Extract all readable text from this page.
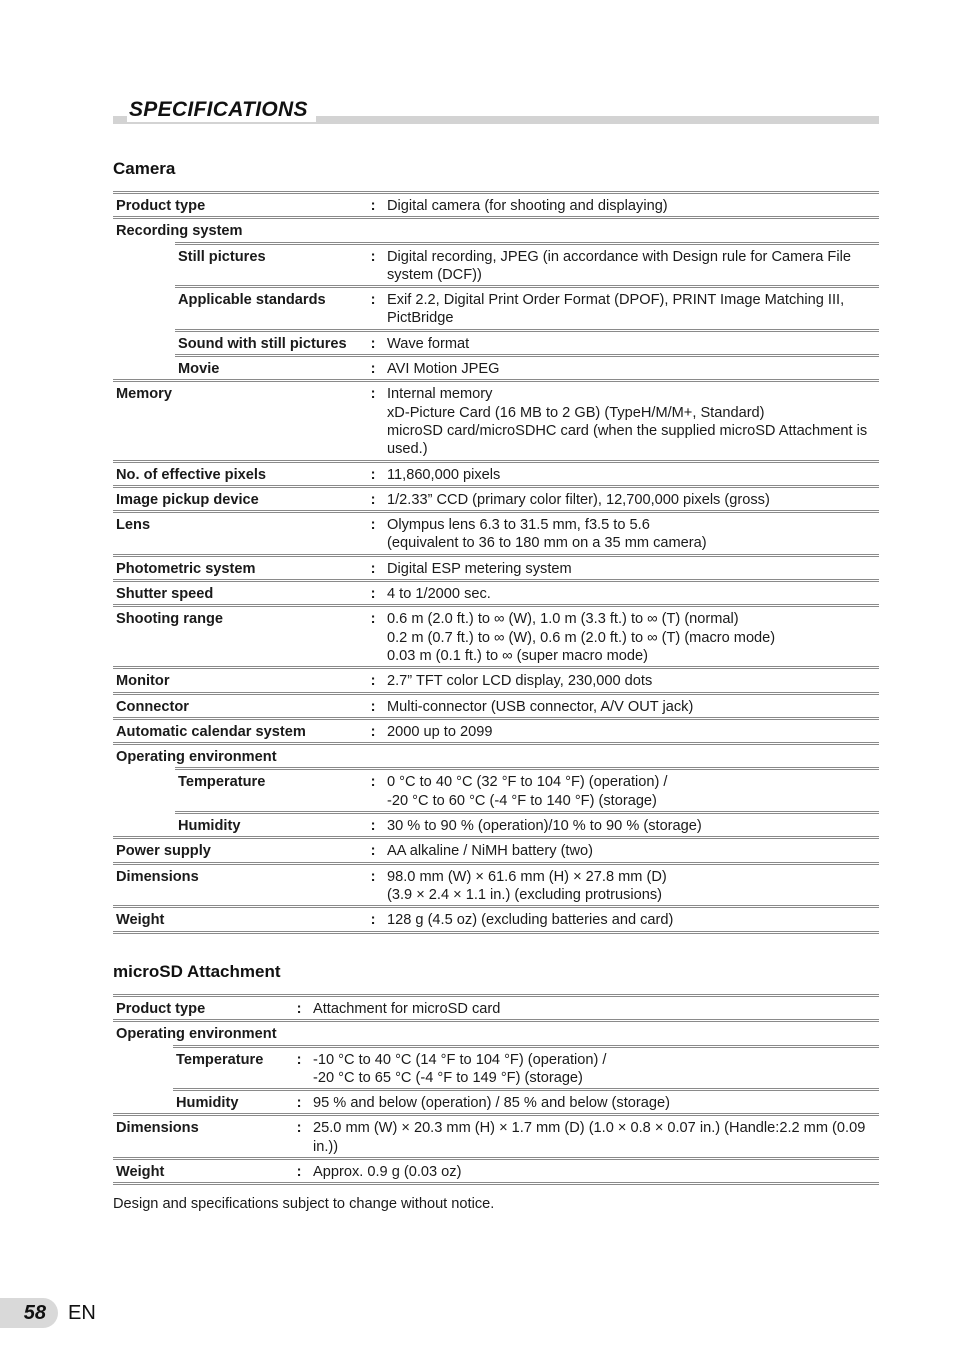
SPECIFICATIONS
Camera
Product type		:	Digital camera (for shooting and displaying)
Recording system			
	Still pictures	:	Digital recording, JPEG (in accordance with Design rule for Camera File system (DCF))
	Applicable standards	:	Exif 2.2, Digital Print Order Format (DPOF), PRINT Image Matching III, PictBridge
	Sound with still pictures	:	Wave format
	Movie	:	AVI Motion JPEG
Memory		:	Internal memory
xD-Picture Card (16 MB to 2 GB) (TypeH/M/M+, Standard)
microSD card/microSDHC card (when the supplied microSD Attachment is used.)
No. of effective pixels		:	11,860,000 pixels
Image pickup device		:	1/2.33” CCD (primary color filter), 12,700,000 pixels (gross)
Lens		:	Olympus lens 6.3 to 31.5 mm, f3.5 to 5.6
(equivalent to 36 to 180 mm on a 35 mm camera)
Photometric system		:	Digital ESP metering system
Shutter speed		:	4 to 1/2000 sec.
Shooting range		:	0.6 m (2.0 ft.) to ∞ (W), 1.0 m (3.3 ft.) to ∞ (T) (normal)
0.2 m (0.7 ft.) to ∞ (W), 0.6 m (2.0 ft.) to ∞ (T) (macro mode)
0.03 m (0.1 ft.) to ∞ (super macro mode)
Monitor		:	2.7” TFT color LCD display, 230,000 dots
Connector		:	Multi-connector (USB connector, A/V OUT jack)
Automatic calendar system		:	2000 up to 2099
Operating environment			
	Temperature	:	0 °C to 40 °C (32 °F to 104 °F) (operation) /
-20 °C to 60 °C (-4 °F to 140 °F) (storage)
	Humidity	:	30 % to 90 % (operation)/10 % to 90 % (storage)
Power supply		:	AA alkaline / NiMH battery (two)
Dimensions		:	98.0 mm (W) × 61.6 mm (H) × 27.8 mm (D)
(3.9 × 2.4 × 1.1 in.) (excluding protrusions)
Weight		:	128 g (4.5 oz) (excluding batteries and card)
microSD Attachment
Product type		:	Attachment for microSD card
Operating environment			
	Temperature	:	-10 °C to 40 °C (14 °F to 104 °F) (operation) /
-20 °C to 65 °C (-4 °F to 149 °F) (storage)
	Humidity	:	95 % and below (operation) / 85 % and below (storage)
Dimensions		:	25.0 mm (W) × 20.3 mm (H) × 1.7 mm (D) (1.0 × 0.8 × 0.07 in.) (Handle:2.2 mm (0.09 in.))
Weight		:	Approx. 0.9 g (0.03 oz)
Design and specifications subject to change without notice.
58 EN
